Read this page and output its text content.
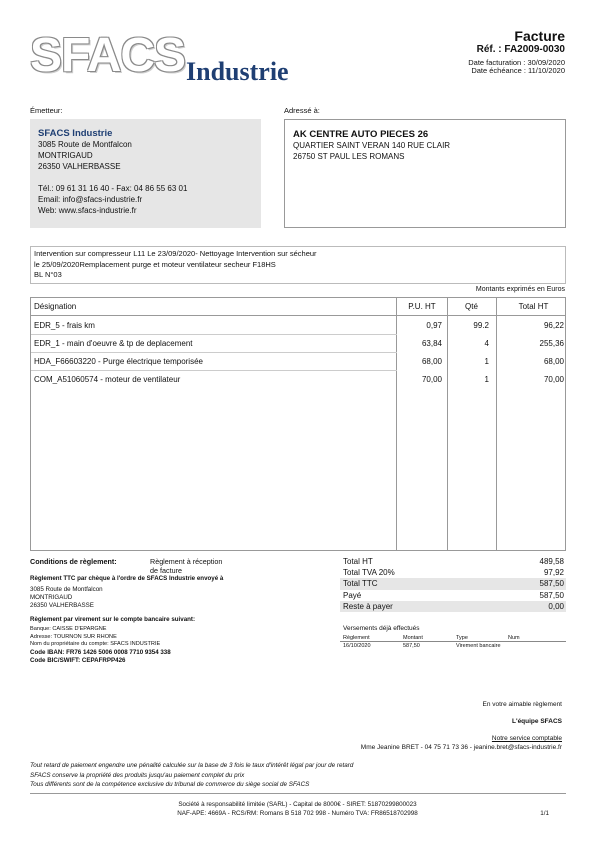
SFACS Industrie
Facture
Réf. : FA2009-0030
Date facturation : 30/09/2020
Date échéance : 11/10/2020
Émetteur:	Adressé à:
SFACS Industrie
3085 Route de Montfalcon
MONTRIGAUD
26350 VALHERBASSE
Tél.: 09 61 31 16 40 - Fax: 04 86 55 63 01
Email: info@sfacs-industrie.fr
Web: www.sfacs-industrie.fr
AK CENTRE AUTO PIECES 26
QUARTIER SAINT VERAN 140 RUE CLAIR
26750 ST PAUL LES ROMANS
Intervention sur compresseur L11 Le 23/09/2020- Nettoyage Intervention sur sécheur
le 25/09/2020Remplacement purge et moteur ventilateur secheur F18HS
BL N°03
Montants exprimés en Euros
Désignation	P.U. HT	Qté	Total HT
EDR_5 - frais km	0,97	99.2	96,22
EDR_1 - main d'oeuvre & tp de deplacement	63,84	4	255,36
HDA_F66603220 - Purge électrique temporisée	68,00	1	68,00
COM_A51060574 - moteur de ventilateur	70,00	1	70,00
Conditions de règlement:	Règlement à réception de facture
Règlement TTC par chèque à l'ordre de SFACS Industrie envoyé à
3085 Route de Montfalcon
MONTRIGAUD
26350 VALHERBASSE
Règlement par virement sur le compte bancaire suivant:
Banque: CAISSE D'EPARGNE
Adresse: TOURNON SUR RHONE
Nom du propriétaire du compte: SFACS INDUSTRIE
Code IBAN: FR76 1426 5006 0008 7710 9354 338
Code BIC/SWIFT: CEPAFRPP426
Total HT	489,58
Total TVA 20%	97,92
Total TTC	587,50
Payé	587,50
Reste à payer	0,00
Versements déjà effectués
Règlement	Montant	Type	Num
16/10/2020	587,50	Virement bancaire
En votre aimable règlement
L'équipe SFACS
Notre service comptable
Mme Jeanine BRET - 04 75 71 73 36 - jeanine.bret@sfacs-industrie.fr
Tout retard de paiement engendre une pénalité calculée sur la base de 3 fois le taux d'intérêt légal par jour de retard
SFACS conserve la propriété des produits jusqu'au paiement complet du prix
Tous différents sont de la compétence exclusive du tribunal de commerce du siège social de SFACS
Société à responsabilité limitée (SARL) - Capital de 8000€ - SIRET: 51870299800023
NAF-APE: 4669A - RCS/RM: Romans B 518 702 998 - Numéro TVA: FR86518702998	1/1
